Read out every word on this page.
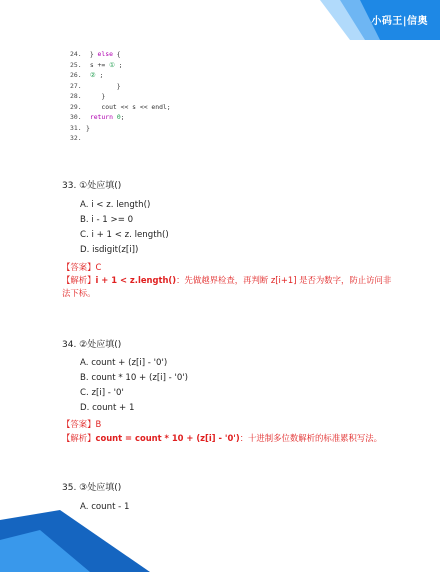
小码王|信奥
24. } else {
25. s += ① ;
26. ② ;
27.        }
28.    }
29.    cout << s << endl;
30. return 0;
31. }
32.
33. ①处应填()
A. i < z. length()
B. i - 1 >= 0
C. i + 1 < z. length()
D. isdigit(z[i])
【答案】C
【解析】i + 1 < z.length()：先做越界检查，再判断 z[i+1] 是否为数字，防止访问非法下标。
34. ②处应填()
A. count + (z[i] - '0')
B. count * 10 + (z[i] - '0')
C. z[i] - '0'
D. count + 1
【答案】B
【解析】count = count * 10 + (z[i] - '0')：十进制多位数解析的标准累积写法。
35. ③处应填()
A. count - 1
